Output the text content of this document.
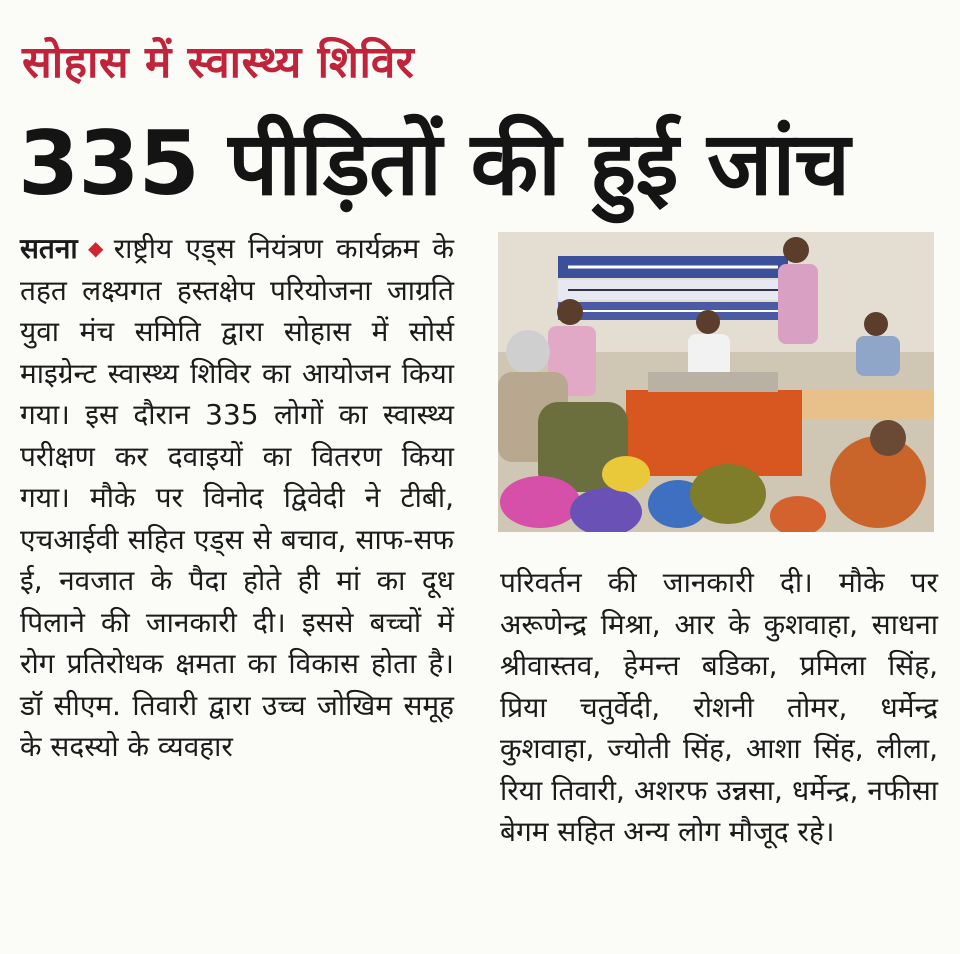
सोहास में स्वास्थ्य शिविर
335 पीड़ितों की हुई जांच
सतना ◆ राष्ट्रीय एड्स नियंत्रण कार्यक्रम के तहत लक्ष्यगत हस्तक्षेप परियोजना जाग्रति युवा मंच समिति द्वारा सोहास में सोर्स माइग्रेन्ट स्वास्थ्य शिविर का आयोजन किया गया। इस दौरान 335 लोगों का स्वास्थ्य परीक्षण कर दवाइयों का वितरण किया गया। मौके पर विनोद द्विवेदी ने टीबी, एचआईवी सहित एड्स से बचाव, साफ-सफ ई, नवजात के पैदा होते ही मां का दूध पिलाने की जानकारी दी। इससे बच्चों में रोग प्रतिरोधक क्षमता का विकास होता है। डॉ सीएम. तिवारी द्वारा उच्च जोखिम समूह के सदस्यो के व्यवहार
परिवर्तन की जानकारी दी। मौके पर अरूणेन्द्र मिश्रा, आर के कुशवाहा, साधना श्रीवास्तव, हेमन्त बडिका, प्रमिला सिंह, प्रिया चतुर्वेदी, रोशनी तोमर, धर्मेन्द्र कुशवाहा, ज्योती सिंह, आशा सिंह, लीला, रिया तिवारी, अशरफ उन्नसा, धर्मेन्द्र, नफीसा बेगम सहित अन्य लोग मौजूद रहे।
